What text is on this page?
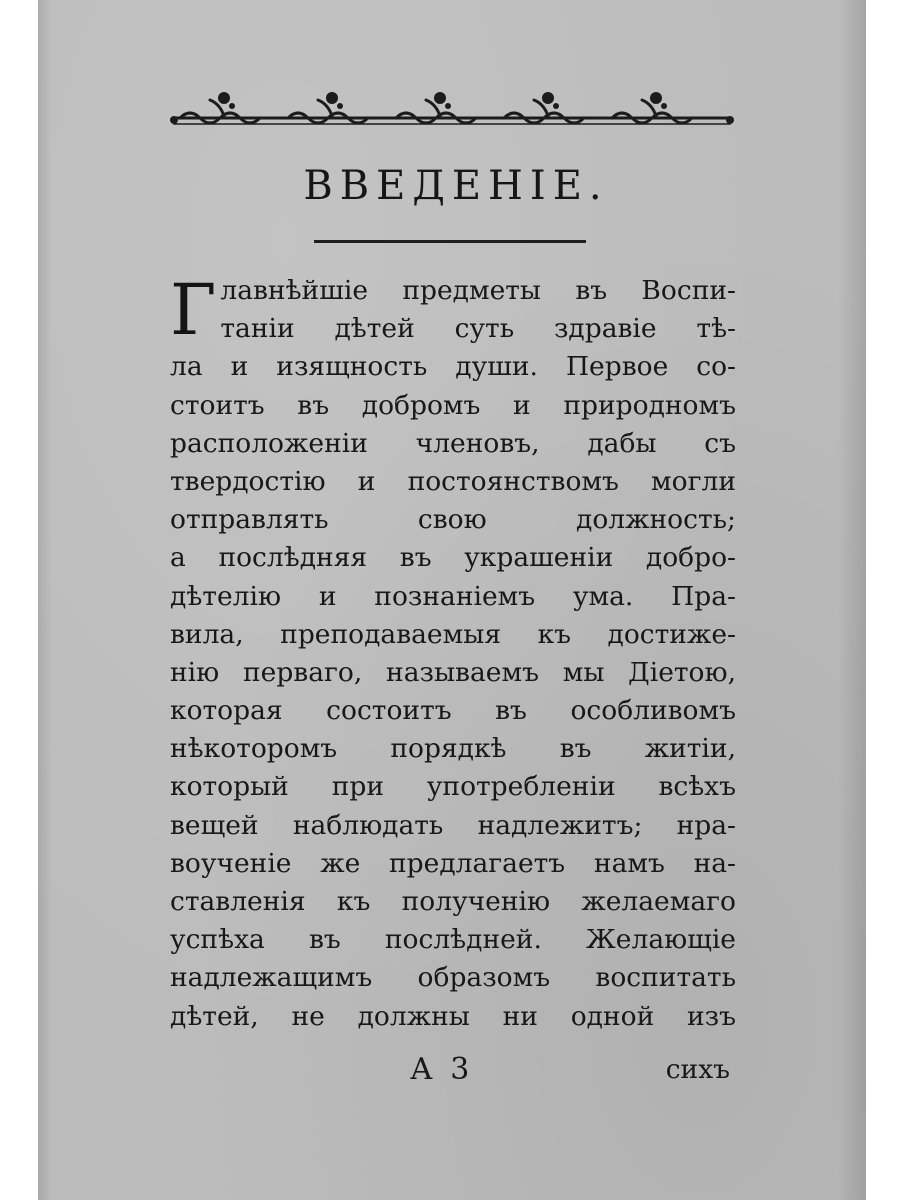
ВВЕДЕНІЕ.
Г лавнѣйшіе предметы въ Воспи-
таніи дѣтей суть здравіе тѣ-
ла и изящность души. Первое со-
стоитъ въ добромъ и природномъ
расположеніи членовъ, дабы съ
твердостію и постоянствомъ могли
отправлять свою должность;
а послѣдняя въ украшеніи добро-
дѣтелію и познаніемъ ума. Пра-
вила, преподаваемыя къ достиже-
нію перваго, называемъ мы Діетою,
которая состоитъ въ особливомъ
нѣкоторомъ порядкѣ въ житіи,
который при употребленіи всѣхъ
вещей наблюдать надлежитъ; нра-
воученіе же предлагаетъ намъ на-
ставленія къ полученію желаемаго
успѣха въ послѣдней. Желающіе
надлежащимъ образомъ воспитать
дѣтей, не должны ни одной изъ
А 3	сихъ
